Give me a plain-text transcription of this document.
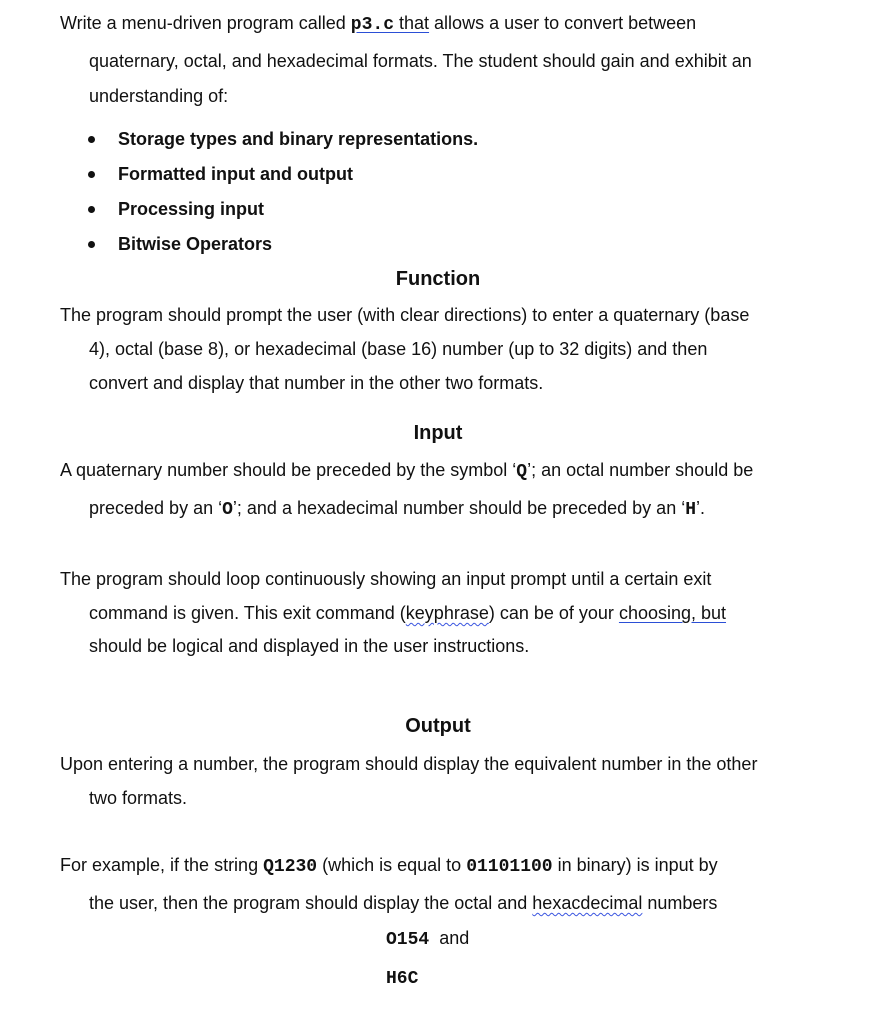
Write a menu-driven program called p3.c that allows a user to convert between
quaternary, octal, and hexadecimal formats. The student should gain and exhibit an
understanding of:
Storage types and binary representations.
Formatted input and output
Processing input
Bitwise Operators
Function
The program should prompt the user (with clear directions) to enter a quaternary (base
4), octal (base 8), or hexadecimal (base 16) number (up to 32 digits) and then
convert and display that number in the other two formats.
Input
A quaternary number should be preceded by the symbol ‘Q’; an octal number should be
preceded by an ‘O’; and a hexadecimal number should be preceded by an ‘H’.
The program should loop continuously showing an input prompt until a certain exit
command is given. This exit command (keyphrase) can be of your choosing, but
should be logical and displayed in the user instructions.
Output
Upon entering a number, the program should display the equivalent number in the other
two formats.
For example, if the string Q1230 (which is equal to 01101100 in binary) is input by
the user, then the program should display the octal and hexacdecimal numbers
O154  and
H6C
